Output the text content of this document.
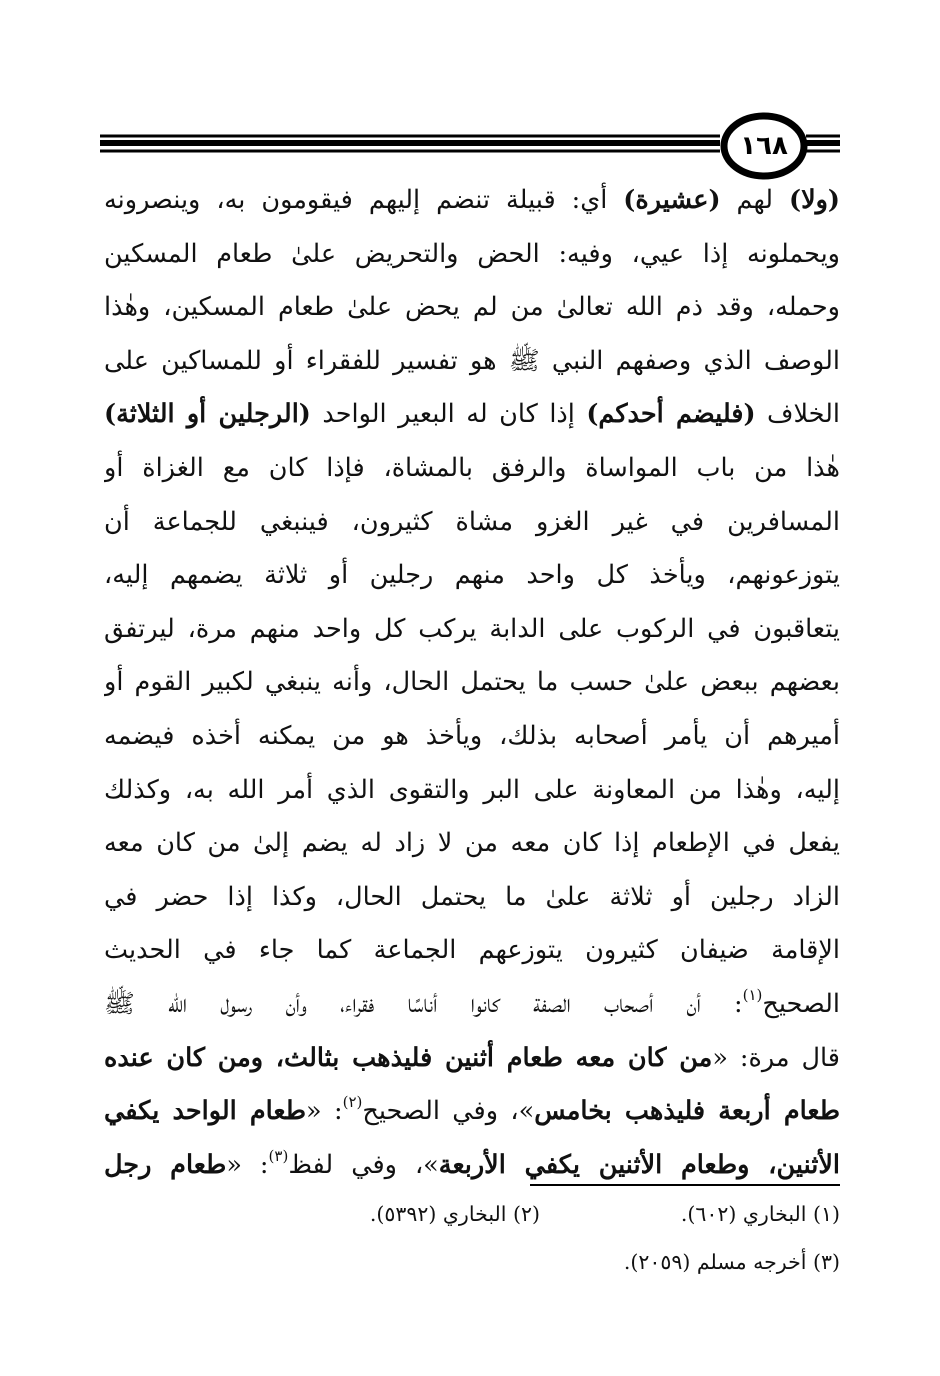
١٦٨
(ولا) لهم (عشيرة) أي: قبيلة تنضم إليهم فيقومون به، وينصرونه
ويحملونه إذا عيي، وفيه: الحض والتحريض علىٰ طعام المسكين
وحمله، وقد ذم الله تعالىٰ من لم يحض علىٰ طعام المسكين، وهٰذا
الوصف الذي وصفهم النبي ﷺ هو تفسير للفقراء أو للمساكين على
الخلاف (فليضم أحدكم) إذا كان له البعير الواحد (الرجلين أو الثلاثة)
هٰذا من باب المواساة والرفق بالمشاة، فإذا كان مع الغزاة أو
المسافرين في غير الغزو مشاة كثيرون، فينبغي للجماعة أن
يتوزعونهم، ويأخذ كل واحد منهم رجلين أو ثلاثة يضمهم إليه،
يتعاقبون في الركوب على الدابة يركب كل واحد منهم مرة، ليرتفق
بعضهم ببعض علىٰ حسب ما يحتمل الحال، وأنه ينبغي لكبير القوم أو
أميرهم أن يأمر أصحابه بذلك، ويأخذ هو من يمكنه أخذه فيضمه
إليه، وهٰذا من المعاونة على البر والتقوى الذي أمر الله به، وكذلك
يفعل في الإطعام إذا كان معه من لا زاد له يضم إلىٰ من كان معه
الزاد رجلين أو ثلاثة علىٰ ما يحتمل الحال، وكذا إذا حضر في
الإقامة ضيفان كثيرون يتوزعهم الجماعة كما جاء في الحديث
الصحيح$^{(١)}$: أن أصحاب الصفة كانوا أناسًا فقراء، وأن رسول الله ﷺ
قال مرة: «من كان معه طعام أثنين فليذهب بثالث، ومن كان عنده
طعام أربعة فليذهب بخامس»، وفي الصحيح$^{(٢)}$: «طعام الواحد يكفي
الأثنين، وطعام الأثنين يكفي الأربعة»، وفي لفظ$^{(٣)}$: «طعام رجل
(١) البخاري (٦٠٢).
(٢) البخاري (٥٣٩٢).
(٣) أخرجه مسلم (٢٠٥٩).
